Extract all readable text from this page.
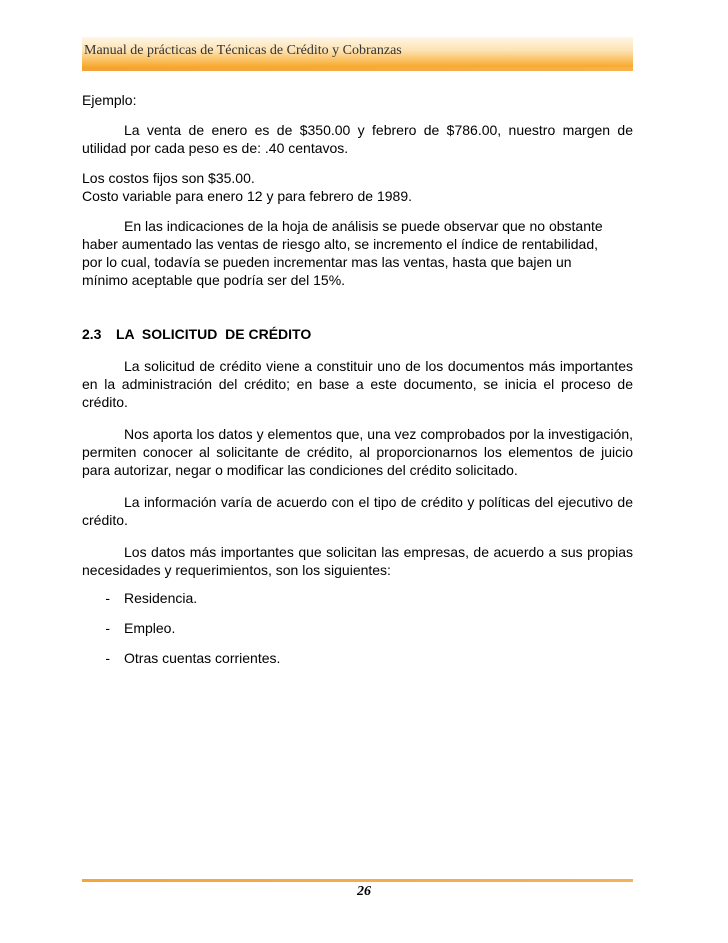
Manual de prácticas de Técnicas de Crédito y Cobranzas

Ejemplo:

La venta de enero es de $350.00 y febrero de $786.00, nuestro margen de utilidad por cada peso es de: .40 centavos.

Los costos fijos son $35.00.

Costo variable para enero 12 y para febrero de 1989.

En las indicaciones de la hoja de análisis se puede observar que no obstante

haber aumentado las ventas de riesgo alto, se incremento el índice de rentabilidad,

por lo cual, todavía se pueden incrementar mas las ventas, hasta que bajen un

mínimo aceptable que podría ser del 15%.

2.3 LA  SOLICITUD  DE CRÉDITO

La solicitud de crédito viene a constituir uno de los documentos más importantes en la administración del crédito; en base a este documento, se inicia el proceso de crédito.

Nos aporta los datos y elementos que, una vez comprobados por la investigación, permiten conocer al solicitante de crédito, al proporcionarnos los elementos de juicio para autorizar, negar o modificar las condiciones del crédito solicitado.

La información varía de acuerdo con el tipo de crédito y políticas del ejecutivo de crédito.

Los datos más importantes que solicitan las empresas, de acuerdo a sus propias necesidades y requerimientos, son los siguientes:

-	Residencia.
-	Empleo.
-	Otras cuentas corrientes.
26
